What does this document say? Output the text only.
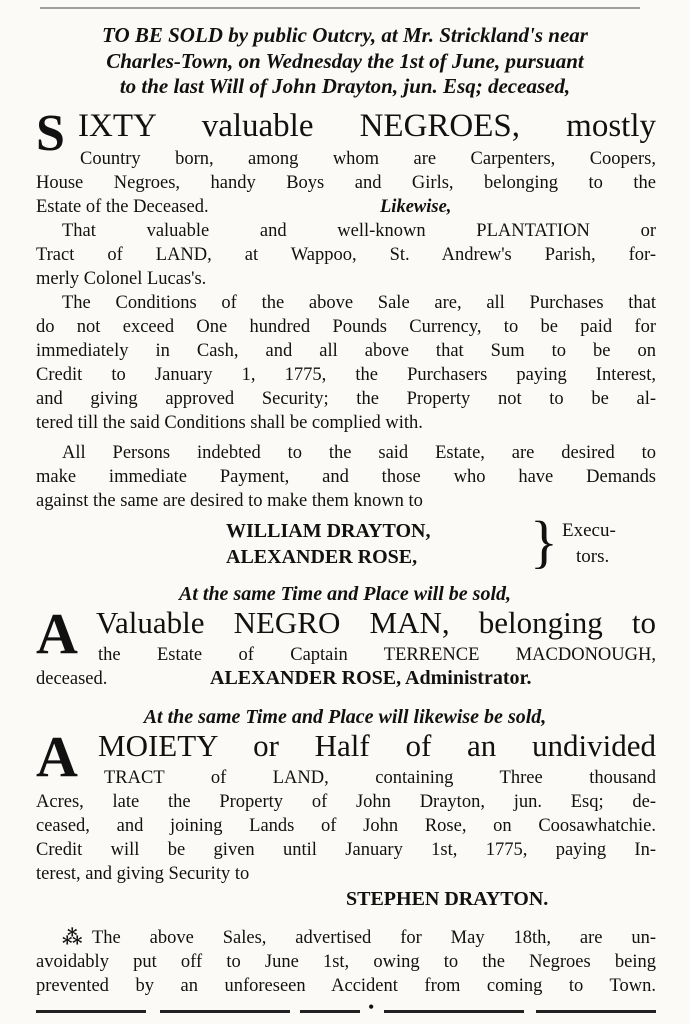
TO BE SOLD by public Outcry, at Mr. Strickland's near
Charles-Town, on Wednesday the 1st of June, pursuant
to the last Will of John Drayton, jun. Esq; deceased,
S IXTY valuable NEGROES, mostly
Country born, among whom are Carpenters, Coopers,
House Negroes, handy Boys and Girls, belonging to the
Estate of the Deceased.	Likewise,
That valuable and well-known PLANTATION or
Tract of LAND, at Wappoo, St. Andrew's Parish, for-
merly Colonel Lucas's.
The Conditions of the above Sale are, all Purchases that
do not exceed One hundred Pounds Currency, to be paid for
immediately in Cash, and all above that Sum to be on
Credit to January 1, 1775, the Purchasers paying Interest,
and giving approved Security; the Property not to be al-
tered till the said Conditions shall be complied with.
All Persons indebted to the said Estate, are desired to
make immediate Payment, and those who have Demands
against the same are desired to make them known to
WILLIAM DRAYTON,
ALEXANDER ROSE, } Execu-
tors.
At the same Time and Place will be sold,
A Valuable NEGRO MAN, belonging to
the Estate of Captain TERRENCE MACDONOUGH,
deceased.	ALEXANDER ROSE, Administrator.
At the same Time and Place will likewise be sold,
A MOIETY or Half of an undivided
TRACT of LAND, containing Three thousand
Acres, late the Property of John Drayton, jun. Esq; de-
ceased, and joining Lands of John Rose, on Coosawhatchie.
Credit will be given until January 1st, 1775, paying In-
terest, and giving Security to
STEPHEN DRAYTON.
⁂ The above Sales, advertised for May 18th, are un-
avoidably put off to June 1st, owing to the Negroes being
prevented by an unforeseen Accident from coming to Town.
•
